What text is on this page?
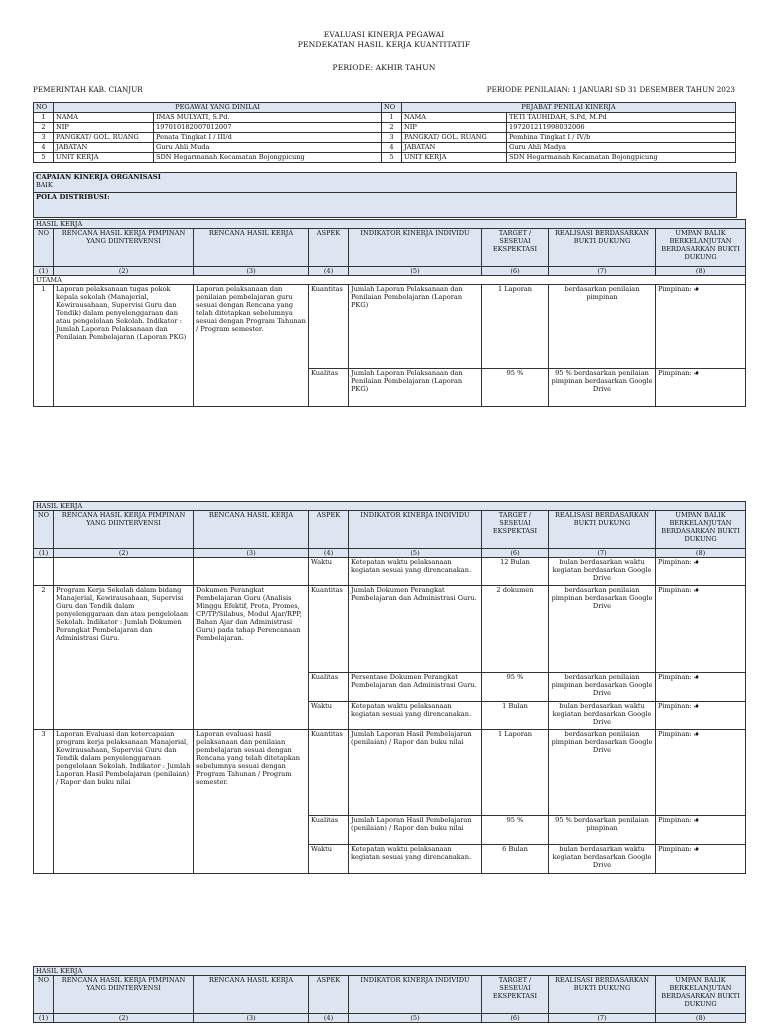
EVALUASI KINERJA PEGAWAI
PENDEKATAN HASIL KERJA KUANTITATIF
PERIODE: AKHIR TAHUN
PEMERINTAH KAB. CIANJUR	PERIODE PENILAIAN: 1 JANUARI SD 31 DESEMBER TAHUN 2023
NO	PEGAWAI YANG DINILAI		NO	PEJABAT PENILAI KINERJA	
1	NAMA	IMAS MULYATI, S.Pd.	1	NAMA	TETI TAUHIDAH, S.Pd, M.Pd
2	NIP	197010182007012007	2	NIP	197201211998032006
3	PANGKAT/ GOL. RUANG	Penata Tingkat I / III/d	3	PANGKAT/ GOL. RUANG	Pembina Tingkat I / IV/b
4	JABATAN	Guru Ahli Muda	4	JABATAN	Guru Ahli Madya
5	UNIT KERJA	SDN Hegarmanah Kecamatan Bojongpicung	5	UNIT KERJA	SDN Hegarmanah Kecamatan Bojongpicung
CAPAIAN KINERJA ORGANISASI
BAIK
POLA DISTRIBUSI:
HASIL KERJA							
NO	RENCANA HASIL KERJA PIMPINAN YANG DIINTERVENSI	RENCANA HASIL KERJA	ASPEK	INDIKATOR KINERJA INDIVIDU	TARGET / SESEUAI EKSPEKTASI	REALISASI BERDASARKAN BUKTI DUKUNG	UMPAN BALIK BERKELANJUTAN BERDASARKAN BUKTI DUKUNG
(1)	(2)	(3)	(4)	(5)	(6)	(7)	(8)
UTAMA							
1	Laporan pelaksanaan tugas pokok kepala sekolah (Manajerial, Kewirausahaan, Supervisi Guru dan Tendik) dalam penyelenggaraan dan atau pengelolaan Sekolah. Indikator : Jumlah Laporan Pelaksanaan dan Penilaian Pembelajaran (Laporan PKG)	Laporan pelaksanaan dan penilaian pembelajaran guru sesuai dengan Rencana yang telah ditetapkan sebelumnya sesuai dengan Program Tahunan / Program semester.	Kuantitas	Jumlah Laporan Pelaksanaan dan Penilaian Pembelajaran (Laporan PKG)	1 Laporan	berdasarkan penilaian pimpinan	Pimpinan:
			Kualitas	Jumlah Laporan Pelaksanaan dan Penilaian Pembelajaran (Laporan PKG)	95 %	95 % berdasarkan penilaian pimpinan berdasarkan Google Drive	Pimpinan:
HASIL KERJA							
NO	RENCANA HASIL KERJA PIMPINAN YANG DIINTERVENSI	RENCANA HASIL KERJA	ASPEK	INDIKATOR KINERJA INDIVIDU	TARGET / SESEUAI EKSPEKTASI	REALISASI BERDASARKAN BUKTI DUKUNG	UMPAN BALIK BERKELANJUTAN BERDASARKAN BUKTI DUKUNG
(1)	(2)	(3)	(4)	(5)	(6)	(7)	(8)
			Waktu	Ketepatan waktu pelaksanaan kegiatan sesuai yang direncanakan.	12 Bulan	bulan berdasarkan waktu kegiatan berdasarkan Google Drive	Pimpinan:
2	Program Kerja Sekolah dalam bidang Manajerial, Kewirausahaan, Supervisi Guru dan Tendik dalam penyelenggaraan dan atau pengelolaan Sekolah. Indikator : Jumlah Dokumen Perangkat Pembelajaran dan Administrasi Guru.	Dokumen Perangkat Pembelajaran Guru (Analisis Minggu Efektif, Prota, Promes, CP/TP/Silabus, Modul Ajar/RPP, Bahan Ajar dan Administrasi Guru) pada tahap Perencanaan Pembelajaran.	Kuantitas	Jumlah Dokumen Perangkat Pembelajaran dan Administrasi Guru.	2 dokumen	berdasarkan penilaian pimpinan berdasarkan Google Drive	Pimpinan:
			Kualitas	Persentase Dokumen Perangkat Pembelajaran dan Administrasi Guru.	95 %	berdasarkan penilaian pimpinan berdasarkan Google Drive	Pimpinan:
			Waktu	Ketepatan waktu pelaksanaan kegiatan sesuai yang direncanakan.	1 Bulan	bulan berdasarkan waktu kegiatan berdasarkan Google Drive	Pimpinan:
3	Laporan Evaluasi dan ketercapaian program kerja pelaksanaan Manajerial, Kewirausahaan, Supervisi Guru dan Tendik dalam penyelenggaraan pengelolaan Sekolah. Indikator : Jumlah Laporan Hasil Pembelajaran (penilaian) / Rapor dan buku nilai	Laporan evaluasi hasil pelaksanaan dan penilaian pembelajaran sesuai dengan Rencana yang telah ditetapkan sebelumnya sesuai dengan Program Tahunan / Program semester.	Kuantitas	Jumlah Laporan Hasil Pembelajaran (penilaian) / Rapor dan buku nilai	1 Laporan	berdasarkan penilaian pimpinan berdasarkan Google Drive	Pimpinan:
			Kualitas	Jumlah Laporan Hasil Pembelajaran (penilaian) / Rapor dan buku nilai	95 %	95 % berdasarkan penilaian pimpinan	Pimpinan:
			Waktu	Ketepatan waktu pelaksanaan kegiatan sesuai yang direncanakan.	6 Bulan	bulan berdasarkan waktu kegiatan berdasarkan Google Drive	Pimpinan:
HASIL KERJA							
NO	RENCANA HASIL KERJA PIMPINAN YANG DIINTERVENSI	RENCANA HASIL KERJA	ASPEK	INDIKATOR KINERJA INDIVIDU	TARGET / SESEUAI EKSPEKTASI	REALISASI BERDASARKAN BUKTI DUKUNG	UMPAN BALIK BERKELANJUTAN BERDASARKAN BUKTI DUKUNG
(1)	(2)	(3)	(4)	(5)	(6)	(7)	(8)
